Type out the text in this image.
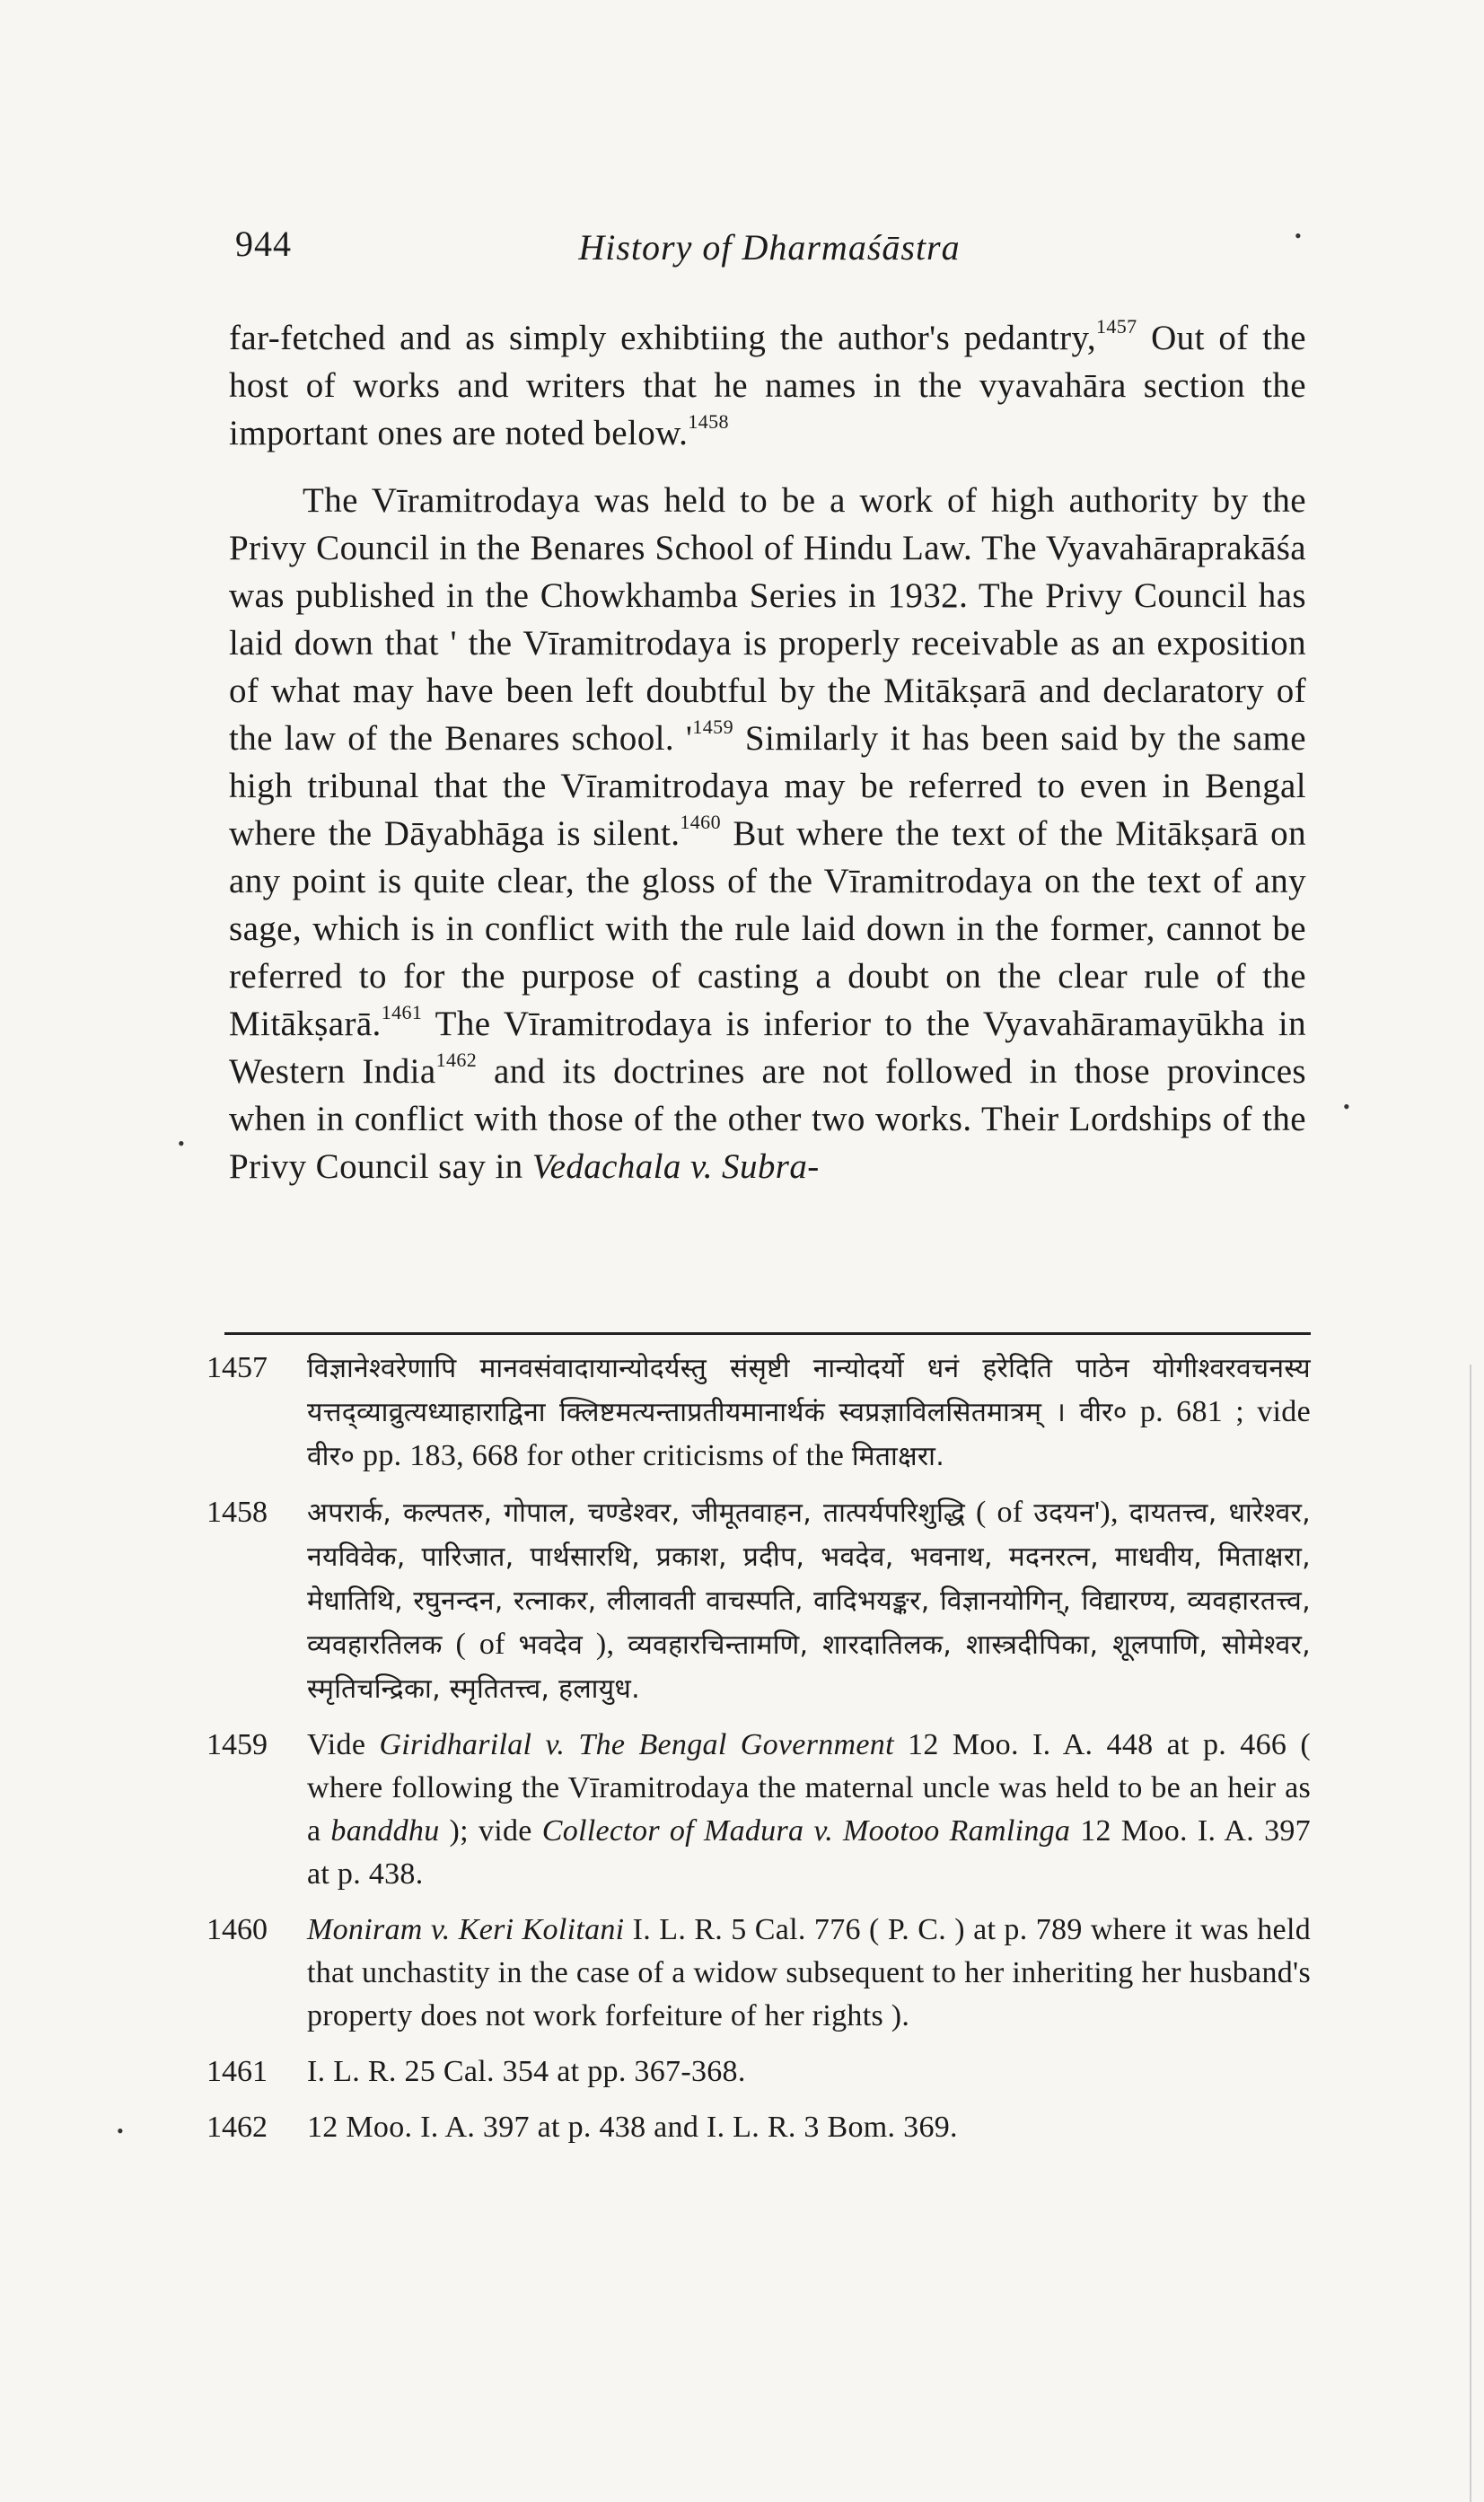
944	History of Dharmaśāstra

far-fetched and as simply exhibtiing the author's pedantry,$^{1457}$ Out of the host of works and writers that he names in the vyavahāra section the important ones are noted below.$^{1458}$

The Vīramitrodaya was held to be a work of high authority by the Privy Council in the Benares School of Hindu Law. The Vyavahāraprakāśa was published in the Chowkhamba Series in 1932. The Privy Council has laid down that ' the Vīramitrodaya is properly receivable as an exposition of what may have been left doubtful by the Mitākṣarā and declaratory of the law of the Benares school. '$^{1459}$ Similarly it has been said by the same high tribunal that the Vīramitrodaya may be referred to even in Bengal where the Dāyabhāga is silent.$^{1460}$ But where the text of the Mitākṣarā on any point is quite clear, the gloss of the Vīramitrodaya on the text of any sage, which is in conflict with the rule laid down in the former, cannot be referred to for the purpose of casting a doubt on the clear rule of the Mitākṣarā.$^{1461}$ The Vīramitrodaya is inferior to the Vyavahāramayūkha in Western India$^{1462}$ and its doctrines are not followed in those provinces when in conflict with those of the other two works. Their Lordships of the Privy Council say in Vedachala v. Subra-

1457	विज्ञानेश्वरेणापि मानवसंवादायान्योदर्यस्तु संसृष्टी नान्योदर्यो धनं हरेदिति पाठेन योगीश्वरवचनस्य यत्तद्‍व्याव्रुत्यध्याहाराद्विना क्लिष्टमत्यन्ताप्रतीयमानार्थकं स्वप्रज्ञाविलसितमात्रम् । वीर० p. 681 ; vide वीर० pp. 183, 668 for other criticisms of the मिताक्षरा.
1458	अपरार्क, कल्पतरु, गोपाल, चण्डेश्वर, जीमूतवाहन, तात्पर्यपरिशुद्धि ( of उदयन'), दायतत्त्व, धारेश्वर, नयविवेक, पारिजात, पार्थसारथि, प्रकाश, प्रदीप, भवदेव, भवनाथ, मदनरत्न, माधवीय, मिताक्षरा, मेधातिथि, रघुनन्दन, रत्नाकर, लीलावती वाचस्पति, वादिभयङ्कर, विज्ञानयोगिन्, विद्यारण्य, व्यवहारतत्त्व, व्यवहारतिलक ( of भवदेव ), व्यवहारचिन्तामणि, शारदातिलक, शास्त्रदीपिका, शूलपाणि, सोमेश्वर, स्मृतिचन्द्रिका, स्मृतितत्त्व, हलायुध.
1459	Vide Giridharilal v. The Bengal Government 12 Moo. I. A. 448 at p. 466 ( where following the Vīramitrodaya the maternal uncle was held to be an heir as a banddhu ); vide Collector of Madura v. Mootoo Ramlinga 12 Moo. I. A. 397 at p. 438.
1460	Moniram v. Keri Kolitani I. L. R. 5 Cal. 776 ( P. C. ) at p. 789 where it was held that unchastity in the case of a widow subsequent to her inheriting her husband's property does not work forfeiture of her rights ).
1461	I. L. R. 25 Cal. 354 at pp. 367-368.
1462	12 Moo. I. A. 397 at p. 438 and I. L. R. 3 Bom. 369.
•
•
•
•
